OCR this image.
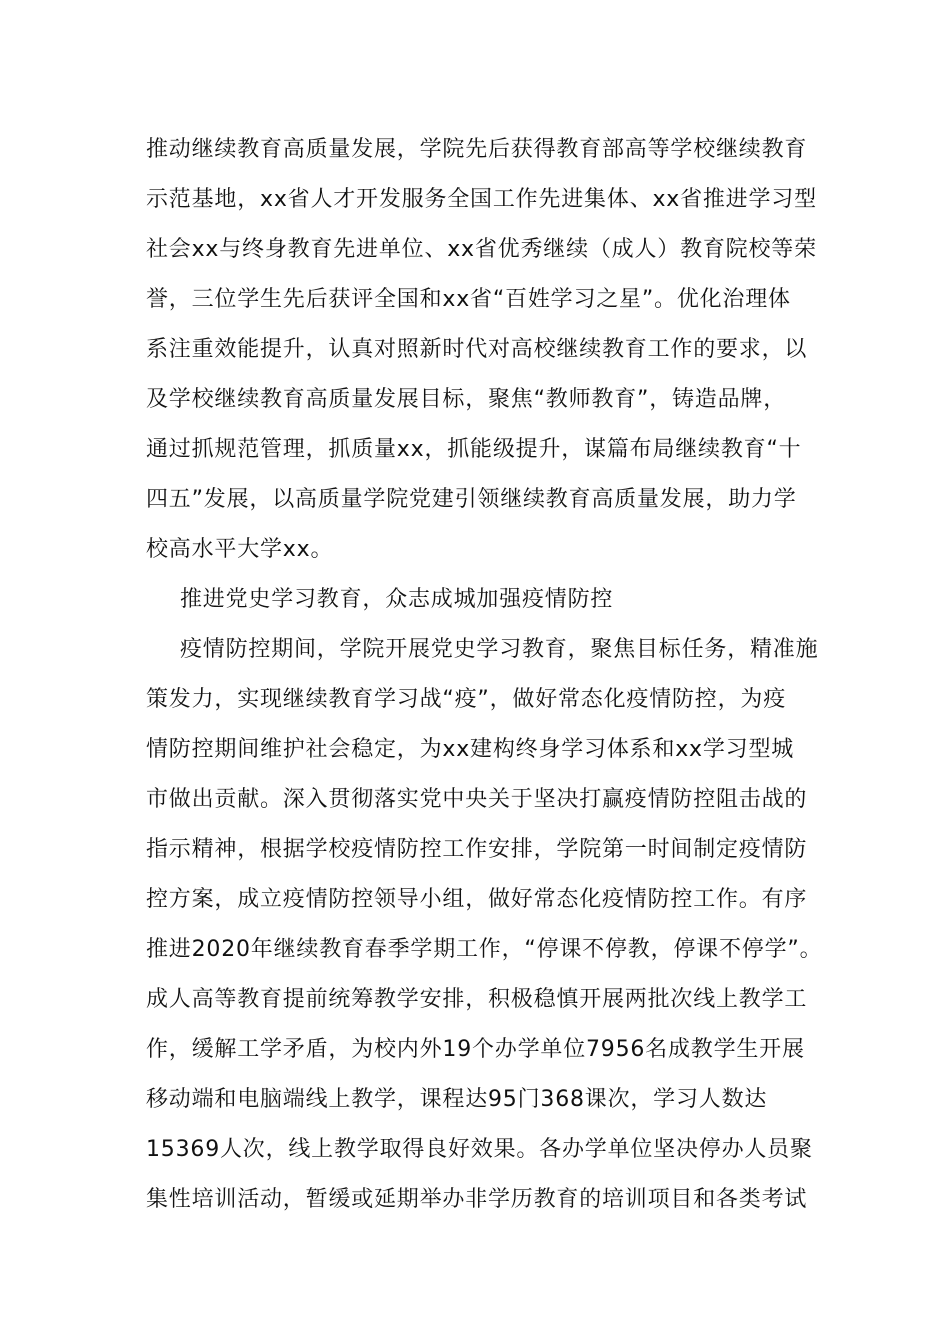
推动继续教育高质量发展，学院先后获得教育部高等学校继续教育
示范基地，xx省人才开发服务全国工作先进集体、xx省推进学习型
社会xx与终身教育先进单位、xx省优秀继续（成人）教育院校等荣
誉，三位学生先后获评全国和xx省“百姓学习之星”。优化治理体
系注重效能提升，认真对照新时代对高校继续教育工作的要求，以
及学校继续教育高质量发展目标，聚焦“教师教育”，铸造品牌，
通过抓规范管理，抓质量xx，抓能级提升，谋篇布局继续教育“十
四五”发展，以高质量学院党建引领继续教育高质量发展，助力学
校高水平大学xx。
推进党史学习教育，众志成城加强疫情防控
疫情防控期间，学院开展党史学习教育，聚焦目标任务，精准施
策发力，实现继续教育学习战“疫”，做好常态化疫情防控，为疫
情防控期间维护社会稳定，为xx建构终身学习体系和xx学习型城
市做出贡献。深入贯彻落实党中央关于坚决打赢疫情防控阻击战的
指示精神，根据学校疫情防控工作安排，学院第一时间制定疫情防
控方案，成立疫情防控领导小组，做好常态化疫情防控工作。有序
推进2020年继续教育春季学期工作，“停课不停教，停课不停学”。
成人高等教育提前统筹教学安排，积极稳慎开展两批次线上教学工
作，缓解工学矛盾，为校内外19个办学单位7956名成教学生开展
移动端和电脑端线上教学，课程达95门368课次，学习人数达
15369人次，线上教学取得良好效果。各办学单位坚决停办人员聚
集性培训活动，暂缓或延期举办非学历教育的培训项目和各类考试
